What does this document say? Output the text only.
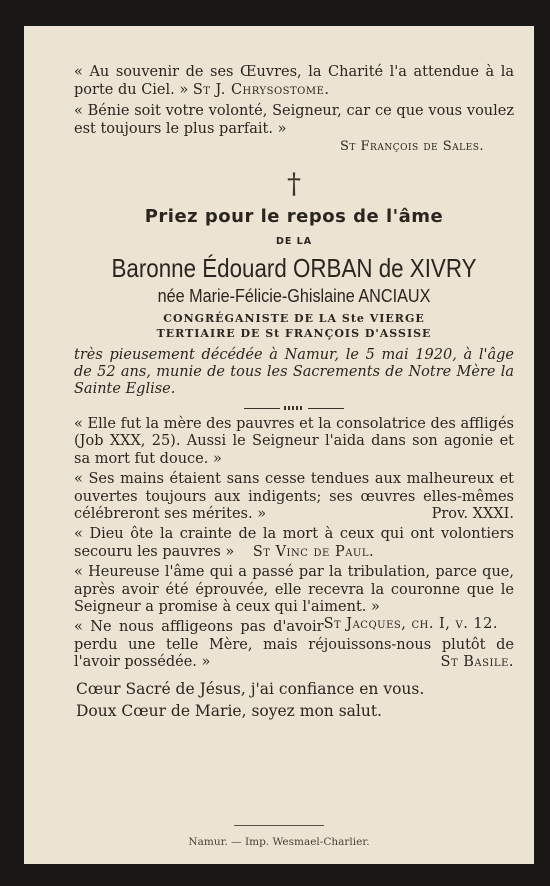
« Au souvenir de ses Œuvres, la Charité l'a attendue à la porte du Ciel. » St J. Chrysostome.

« Bénie soit votre volonté, Seigneur, car ce que vous voulez est toujours le plus parfait. »

St François de Sales.

†

Priez pour le repos de l'âme

DE LA

Baronne Édouard ORBAN de XIVRY

née Marie-Félicie-Ghislaine ANCIAUX

CONGRÉGANISTE DE LA Ste VIERGE

TERTIAIRE DE St FRANÇOIS D'ASSISE

très pieusement décédée à Namur, le 5 mai 1920, à l'âge de 52 ans, munie de tous les Sacrements de Notre Mère la Sainte Eglise.

« Elle fut la mère des pauvres et la consolatrice des affligés (Job XXX, 25). Aussi le Seigneur l'aida dans son agonie et sa mort fut douce. »

« Ses mains étaient sans cesse tendues aux malheureux et ouvertes toujours aux indigents; ses œuvres elles-mêmes célébreront ses mérites. »	Prov. XXXI.

« Dieu ôte la crainte de la mort à ceux qui ont volontiers secouru les pauvres » St Vinc de Paul.

« Heureuse l'âme qui a passé par la tribulation, parce que, après avoir été éprouvée, elle recevra la couronne que le Seigneur a promise à ceux qui l'aiment. »
St Jacques, ch. I, v. 12.

« Ne nous affligeons pas d'avoir perdu une telle Mère, mais réjouissons-nous plutôt de l'avoir possédée. »	St Basile.

Cœur Sacré de Jésus, j'ai confiance en vous.

Doux Cœur de Marie, soyez mon salut.

Namur. — Imp. Wesmael-Charlier.
